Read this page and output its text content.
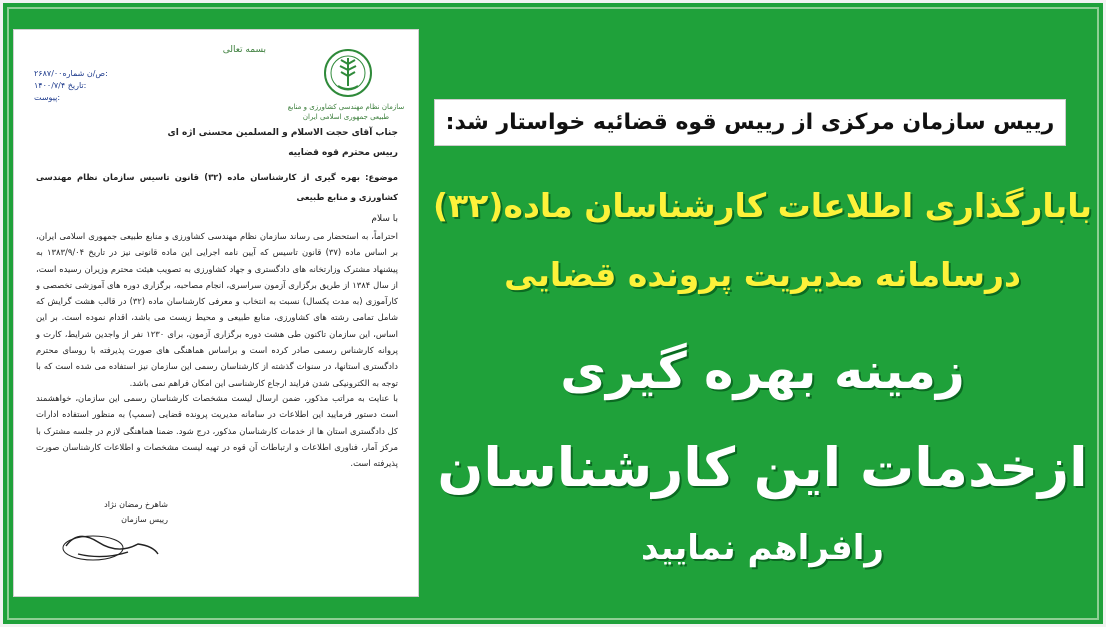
بسمه تعالی
سازمان نظام مهندسی کشاورزی و منابع طبیعی جمهوری اسلامی ایران
۲۶۸۷/۰۰ص/ن شماره:
۱۴۰۰/۷/۴ تاریخ:
پیوست:
جناب آقای حجت الاسلام و المسلمین محسنی اژه ای
رییس محترم قوه قضاییه
موضوع: بهره گیری از کارشناسان ماده (۳۲) قانون تاسیس سازمان نظام مهندسی کشاورزی و منابع طبیعی
با سلام
احتراماً، به استحضار می رساند سازمان نظام مهندسی کشاورزی و منابع طبیعی جمهوری اسلامی ایران، بر اساس ماده (۳۷) قانون تاسیس که آیین نامه اجرایی این ماده قانونی نیز در تاریخ ۱۳۸۳/۹/۰۴ به پیشنهاد مشترک وزارتخانه های دادگستری و جهاد کشاورزی به تصویب هیئت محترم وزیران رسیده است، از سال ۱۳۸۴ از طریق برگزاری آزمون سراسری، انجام مصاحبه، برگزاری دوره های آموزشی تخصصی و کارآموزی (به مدت یکسال) نسبت به انتخاب و معرفی کارشناسان ماده (۳۲) در قالب هشت گرایش که شامل تمامی رشته های کشاورزی، منابع طبیعی و محیط زیست می باشد، اقدام نموده است. بر این اساس، این سازمان تاکنون طی هشت دوره برگزاری آزمون، برای ۱۲۳۰ نفر از واجدین شرایط، کارت و پروانه کارشناس رسمی صادر کرده است و براساس هماهنگی های صورت پذیرفته با روسای محترم دادگستری استانها، در سنوات گذشته از کارشناسان رسمی این سازمان نیز استفاده می شده است که با توجه به الکترونیکی شدن فرایند ارجاع کارشناسی این امکان فراهم نمی باشد.
با عنایت به مراتب مذکور، ضمن ارسال لیست مشخصات کارشناسان رسمی این سازمان، خواهشمند است دستور فرمایید این اطلاعات در سامانه مدیریت پرونده قضایی (سمپ) به منظور استفاده ادارات کل دادگستری استان ها از خدمات کارشناسان مذکور، درج شود. ضمنا هماهنگی لازم در جلسه مشترک با مرکز آمار، فناوری اطلاعات و ارتباطات آن قوه در تهیه لیست مشخصات و اطلاعات کارشناسان صورت پذیرفته است.
شاهرخ رمضان نژاد
رییس سازمان
رییس سازمان مرکزی از رییس قوه قضائیه خواستار شد:
بابارگذاری اطلاعات کارشناسان ماده(۳۲)
درسامانه مدیریت پرونده قضایی
زمینه بهره گیری
ازخدمات این کارشناسان
رافراهم نمایید
